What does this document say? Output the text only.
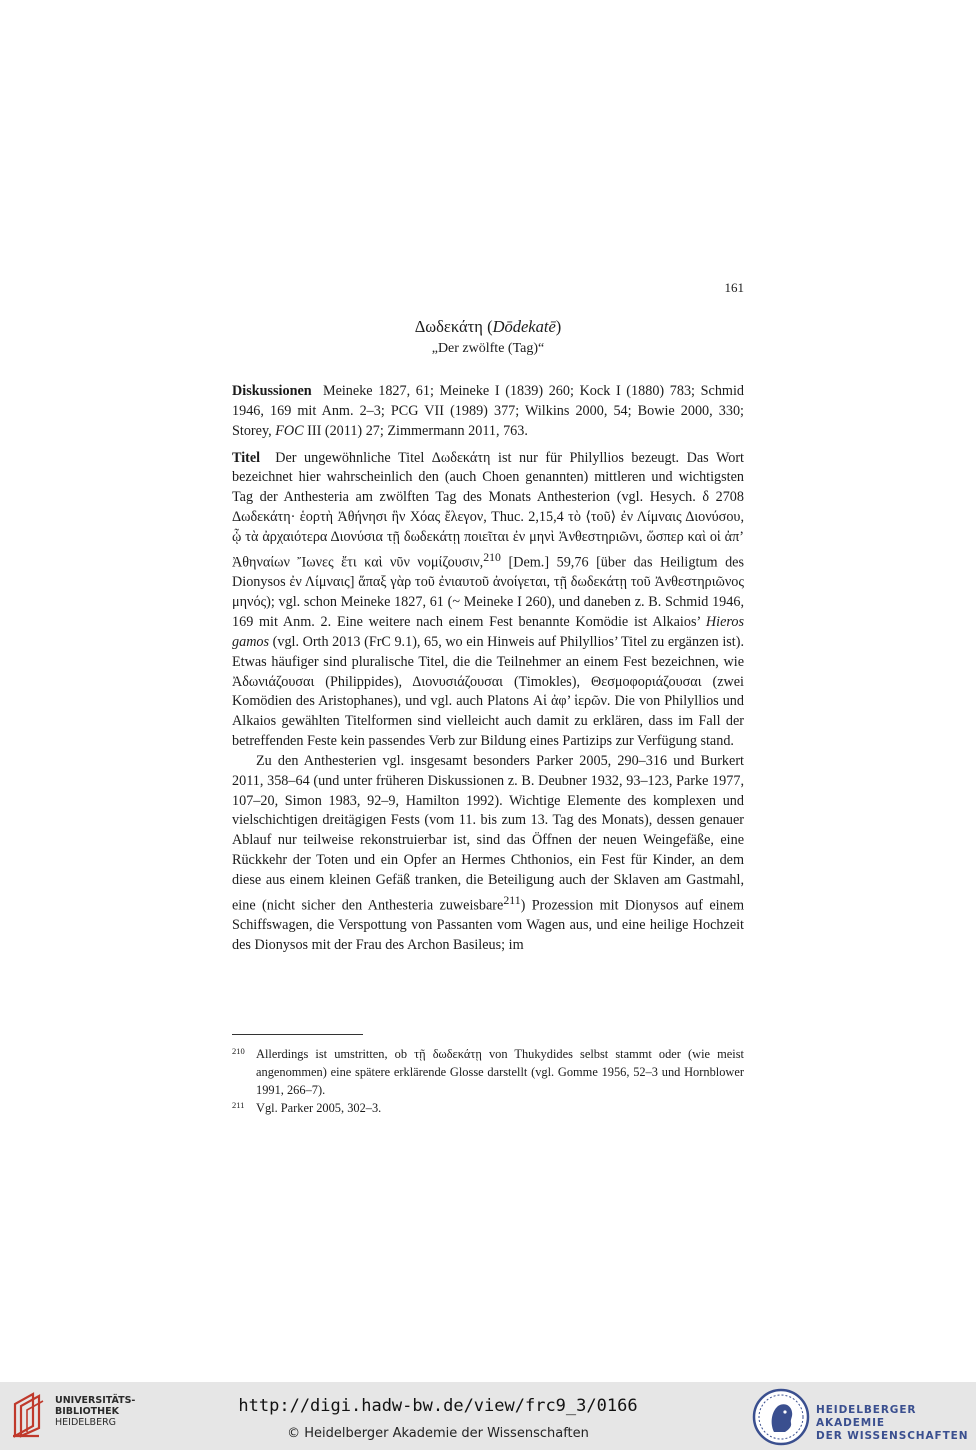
161
Δωδεκάτη (Dōdekatē)
„Der zwölfte (Tag)“

Diskussionen Meineke 1827, 61; Meineke I (1839) 260; Kock I (1880) 783; Schmid 1946, 169 mit Anm. 2–3; PCG VII (1989) 377; Wilkins 2000, 54; Bowie 2000, 330; Storey, FOC III (2011) 27; Zimmermann 2011, 763.

Titel Der ungewöhnliche Titel Δωδεκάτη ist nur für Philyllios bezeugt. Das Wort bezeichnet hier wahrscheinlich den (auch Choen genannten) mittleren und wichtigsten Tag der Anthesteria am zwölften Tag des Monats Anthesterion (vgl. Hesych. δ 2708 Δωδεκάτη· ἑορτὴ Ἀθήνησι ἣν Χόας ἔλεγον, Thuc. 2,15,4 τὸ ⟨τοῦ⟩ ἐν Λίμναις Διονύσου, ᾧ τὰ ἀρχαιότερα Διονύσια τῇ δωδεκάτῃ ποιεῖται ἐν μηνὶ Ἀνθεστηριῶνι, ὥσπερ καὶ οἱ ἀπ’ Ἀθηναίων Ἴωνες ἔτι καὶ νῦν νομίζουσιν,$^{210}$ [Dem.] 59,76 [über das Heiligtum des Dionysos ἐν Λίμναις] ἅπαξ γὰρ τοῦ ἐνιαυτοῦ ἀνοίγεται, τῇ δωδεκάτῃ τοῦ Ἀνθεστηριῶνος μηνός); vgl. schon Meineke 1827, 61 (~ Meineke I 260), und daneben z. B. Schmid 1946, 169 mit Anm. 2. Eine weitere nach einem Fest benannte Komödie ist Alkaios’ Hieros gamos (vgl. Orth 2013 (FrC 9.1), 65, wo ein Hinweis auf Philyllios’ Titel zu ergänzen ist). Etwas häufiger sind pluralische Titel, die die Teilnehmer an einem Fest bezeichnen, wie Ἀδωνιάζουσαι (Philippides), Διονυσιάζουσαι (Timokles), Θεσμοφοριάζουσαι (zwei Komödien des Aristophanes), und vgl. auch Platons Αἱ ἀφ’ ἱερῶν. Die von Philyllios und Alkaios gewählten Titelformen sind vielleicht auch damit zu erklären, dass im Fall der betreffenden Feste kein passendes Verb zur Bildung eines Partizips zur Verfügung stand.

Zu den Anthesterien vgl. insgesamt besonders Parker 2005, 290–316 und Burkert 2011, 358–64 (und unter früheren Diskussionen z. B. Deubner 1932, 93–123, Parke 1977, 107–20, Simon 1983, 92–9, Hamilton 1992). Wichtige Elemente des komplexen und vielschichtigen dreitägigen Fests (vom 11. bis zum 13. Tag des Monats), dessen genauer Ablauf nur teilweise rekonstruierbar ist, sind das Öffnen der neuen Weingefäße, eine Rückkehr der Toten und ein Opfer an Hermes Chthonios, ein Fest für Kinder, an dem diese aus einem kleinen Gefäß tranken, die Beteiligung auch der Sklaven am Gastmahl, eine (nicht sicher den Anthesteria zuweisbare$^{211}$) Prozession mit Dionysos auf einem Schiffswagen, die Verspottung von Passanten vom Wagen aus, und eine heilige Hochzeit des Dionysos mit der Frau des Archon Basileus; im

210 Allerdings ist umstritten, ob τῇ δωδεκάτῃ von Thukydides selbst stammt oder (wie meist angenommen) eine spätere erklärende Glosse darstellt (vgl. Gomme 1956, 52–3 und Hornblower 1991, 266–7).
211 Vgl. Parker 2005, 302–3.
UNIVERSITÄTS-
BIBLIOTHEK
HEIDELBERG
http://digi.hadw-bw.de/view/frc9_3/0166
© Heidelberger Akademie der Wissenschaften
HEIDELBERGER AKADEMIE
DER WISSENSCHAFTEN
